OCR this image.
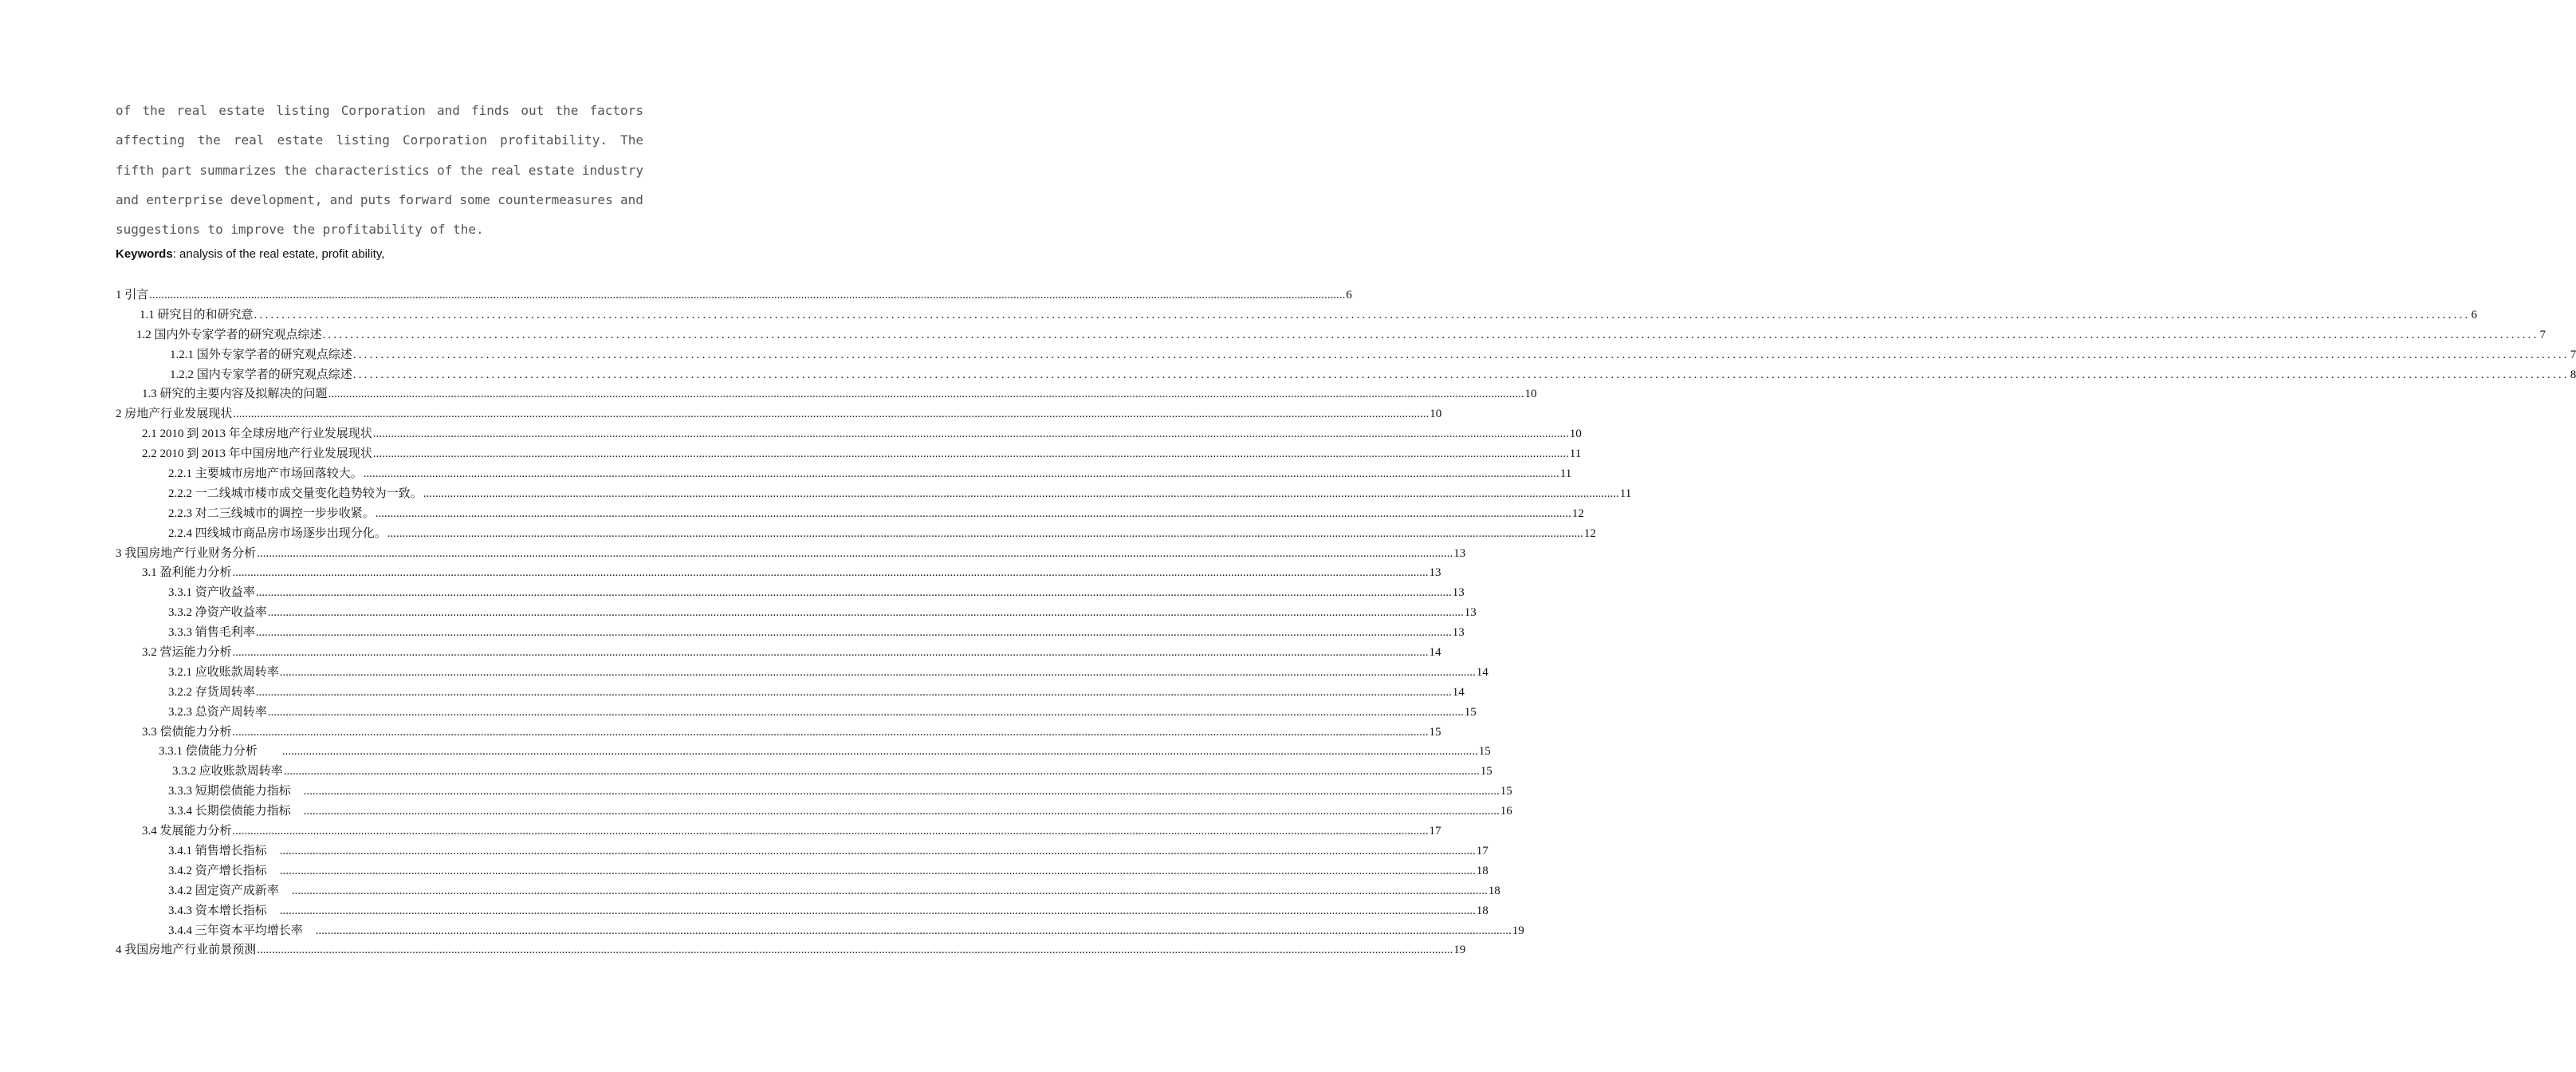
of the real estate listing Corporation and finds out the factors
affecting the real estate listing Corporation profitability. The
fifth part summarizes the characteristics of the real estate industry
and enterprise development, and puts forward some countermeasures and
suggestions to improve the profitability of the.
Keywords: analysis of the real estate, profit ability,
1 引言 ................................................................................................................................................................................................................................................................................................................................................................................................................ 6
1.1 研究目的和研究意 ................................................................................................................................................................................................................................................................................................................................................................................................................ 6
1.2 国内外专家学者的研究观点综述 ................................................................................................................................................................................................................................................................................................................................................................................................................ 7
1.2.1 国外专家学者的研究观点综述 ................................................................................................................................................................................................................................................................................................................................................................................................................ 7
1.2.2 国内专家学者的研究观点综述 ................................................................................................................................................................................................................................................................................................................................................................................................................ 8
1.3 研究的主要内容及拟解决的问题 ................................................................................................................................................................................................................................................................................................................................................................................................................ 10
2 房地产行业发展现状 ................................................................................................................................................................................................................................................................................................................................................................................................................ 10
2.1 2010 到 2013 年全球房地产行业发展现状 ................................................................................................................................................................................................................................................................................................................................................................................................................ 10
2.2 2010 到 2013 年中国房地产行业发展现状 ................................................................................................................................................................................................................................................................................................................................................................................................................ 11
2.2.1 主要城市房地产市场回落较大。 ................................................................................................................................................................................................................................................................................................................................................................................................................ 11
2.2.2 一二线城市楼市成交量变化趋势较为一致。 ................................................................................................................................................................................................................................................................................................................................................................................................................ 11
2.2.3 对二三线城市的调控一步步收紧。 ................................................................................................................................................................................................................................................................................................................................................................................................................ 12
2.2.4 四线城市商品房市场逐步出现分化。 ................................................................................................................................................................................................................................................................................................................................................................................................................ 12
3 我国房地产行业财务分析 ................................................................................................................................................................................................................................................................................................................................................................................................................ 13
3.1 盈利能力分析 ................................................................................................................................................................................................................................................................................................................................................................................................................ 13
3.3.1 资产收益率 ................................................................................................................................................................................................................................................................................................................................................................................................................ 13
3.3.2 净资产收益率 ................................................................................................................................................................................................................................................................................................................................................................................................................ 13
3.3.3 销售毛利率 ................................................................................................................................................................................................................................................................................................................................................................................................................ 13
3.2 营运能力分析 ................................................................................................................................................................................................................................................................................................................................................................................................................ 14
3.2.1 应收账款周转率 ................................................................................................................................................................................................................................................................................................................................................................................................................ 14
3.2.2 存货周转率 ................................................................................................................................................................................................................................................................................................................................................................................................................ 14
3.2.3 总资产周转率 ................................................................................................................................................................................................................................................................................................................................................................................................................ 15
3.3 偿债能力分析 ................................................................................................................................................................................................................................................................................................................................................................................................................ 15
3.3.1 偿债能力分析　　 ................................................................................................................................................................................................................................................................................................................................................................................................................ 15
3.3.2 应收账款周转率 ................................................................................................................................................................................................................................................................................................................................................................................................................ 15
3.3.3 短期偿债能力指标　 ................................................................................................................................................................................................................................................................................................................................................................................................................ 15
3.3.4 长期偿债能力指标　 ................................................................................................................................................................................................................................................................................................................................................................................................................ 16
3.4 发展能力分析 ................................................................................................................................................................................................................................................................................................................................................................................................................ 17
3.4.1 销售增长指标　 ................................................................................................................................................................................................................................................................................................................................................................................................................ 17
3.4.2 资产增长指标　 ................................................................................................................................................................................................................................................................................................................................................................................................................ 18
3.4.2 固定资产成新率　 ................................................................................................................................................................................................................................................................................................................................................................................................................ 18
3.4.3 资本增长指标　 ................................................................................................................................................................................................................................................................................................................................................................................................................ 18
3.4.4 三年资本平均增长率　 ................................................................................................................................................................................................................................................................................................................................................................................................................ 19
4 我国房地产行业前景预测 ................................................................................................................................................................................................................................................................................................................................................................................................................ 19
